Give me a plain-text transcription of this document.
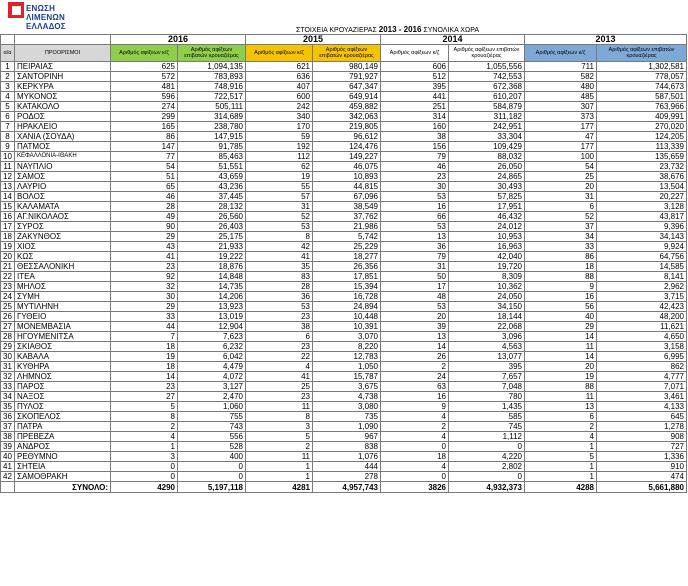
ΕΝΩΣΗ
ΛΙΜΕΝΩΝ
ΕΛΛΑΔΟΣ	ΣΤΟΙΧΕΙΑ ΚΡΟΥΑΖΙΕΡΑΣ 2013 - 2016 ΣΥΝΟΛΙΚΑ ΧΩΡΑ
		2016		2015		2014		2013	
α/α	ΠΡΟΟΡΙΣΜΟΙ	Αριθμός αφίξεων κ/ζ	Αριθμός αφίξεων επιβατών κρουαζιέρας	Αριθμός αφίξεων κ/ζ	Αριθμός αφίξεων επιβατών κρουαζιέρας	Αριθμός αφίξεων κ/ζ	Αριθμός αφίξεων επιβατών κρουαζιέρας	Αριθμός αφίξεων κ/ζ	Αριθμός αφίξεων επιβατών κρουαζιέρας
1	ΠΕΙΡΑΙΑΣ	625	1,094,135	621	980,149	606	1,055,556	711	1,302,581
2	ΣΑΝΤΟΡΙΝΗ	572	783,893	636	791,927	512	742,553	582	778,057
3	ΚΕΡΚΥΡΑ	481	748,916	407	647,347	395	672,368	480	744,673
4	ΜΥΚΟΝΟΣ	596	722,517	600	649,914	441	610,207	485	587,501
5	ΚΑΤΑΚΟΛΟ	274	505,111	242	459,882	251	584,879	307	763,966
6	ΡΟΔΟΣ	299	314,689	340	342,063	314	311,182	373	409,991
7	ΗΡΑΚΛΕΙΟ	165	238,780	170	219,805	160	242,951	177	270,020
8	ΧΑΝΙΑ (ΣΟΥΔΑ)	86	147,915	59	96,612	38	33,304	47	124,205
9	ΠΑΤΜΟΣ	147	91,785	192	124,476	156	109,429	177	113,339
10	ΚΕΦΑΛΛΟΝΙΑ-ΙΘΑΚΗ	77	85,463	112	149,227	79	88,032	100	135,659
11	ΝΑΥΠΛΙΟ	54	51,551	62	46,075	46	26,050	54	23,732
12	ΣΑΜΟΣ	51	43,659	19	10,893	23	24,865	25	38,676
13	ΛΑΥΡΙΟ	65	43,236	55	44,815	30	30,493	20	13,504
14	ΒΟΛΟΣ	46	37,445	57	67,096	53	57,825	31	20,227
15	ΚΑΛΑΜΑΤΑ	28	28,132	31	38,549	16	17,951	6	3,128
16	ΑΓ.ΝΙΚΟΛΑΟΣ	49	26,560	52	37,762	66	46,432	52	43,817
17	ΣΥΡΟΣ	90	26,403	53	21,986	53	24,012	37	9,396
18	ΖΑΚΥΝΘΟΣ	29	25,175	8	5,742	13	10,953	34	34,143
19	ΧΙΟΣ	43	21,933	42	25,229	36	16,963	33	9,924
20	ΚΩΣ	41	19,222	41	18,277	79	42,040	86	64,756
21	ΘΕΣΣΑΛΟΝΙΚΗ	23	18,876	35	26,356	31	19,720	18	14,585
22	ΙΤΕΑ	92	14,848	83	17,851	50	8,309	88	8,141
23	ΜΗΛΟΣ	32	14,735	28	15,394	17	10,362	9	2,962
24	ΣΥΜΗ	30	14,206	36	16,728	48	24,050	16	3,715
25	ΜΥΤΙΛΗΝΗ	29	13,923	53	24,894	53	34,150	56	42,423
26	ΓΥΘΕΙΟ	33	13,019	23	10,448	20	18,144	40	48,200
27	ΜΟΝΕΜΒΑΣΙΑ	44	12,904	38	10,391	39	22,068	29	11,621
28	ΗΓΟΥΜΕΝΙΤΣΑ	7	7,623	6	3,070	13	3,096	14	4,650
29	ΣΚΙΑΘΟΣ	18	6,232	23	8,220	14	4,563	11	3,158
30	ΚΑΒΑΛΑ	19	6,042	22	12,783	26	13,077	14	6,995
31	ΚΥΘΗΡΑ	18	4,479	4	1,050	2	395	20	862
32	ΛΗΜΝΟΣ	14	4,072	41	15,787	24	7,657	19	4,777
33	ΠΑΡΟΣ	23	3,127	25	3,675	63	7,048	88	7,071
34	ΝΑΞΟΣ	27	2,470	23	4,738	16	780	11	3,461
35	ΠΥΛΟΣ	5	1,060	11	3,080	9	1,435	13	4,133
36	ΣΚΟΠΕΛΟΣ	8	755	8	735	4	585	6	645
37	ΠΑΤΡΑ	2	743	3	1,090	2	745	2	1,278
38	ΠΡΕΒΕΖΑ	4	556	5	967	4	1,112	4	908
39	ΑΝΔΡΟΣ	1	528	2	838	0	0	1	727
40	ΡΕΘΥΜΝΟ	3	400	11	1,076	18	4,220	5	1,336
41	ΣΗΤΕΙΑ	0	0	1	444	4	2,802	1	910
42	ΣΑΜΟΘΡΑΚΗ	0	0	1	278	0	0	1	474
	ΣΥΝΟΛΟ:	4290	5,197,118	4281	4,957,743	3826	4,932,373	4288	5,661,880
